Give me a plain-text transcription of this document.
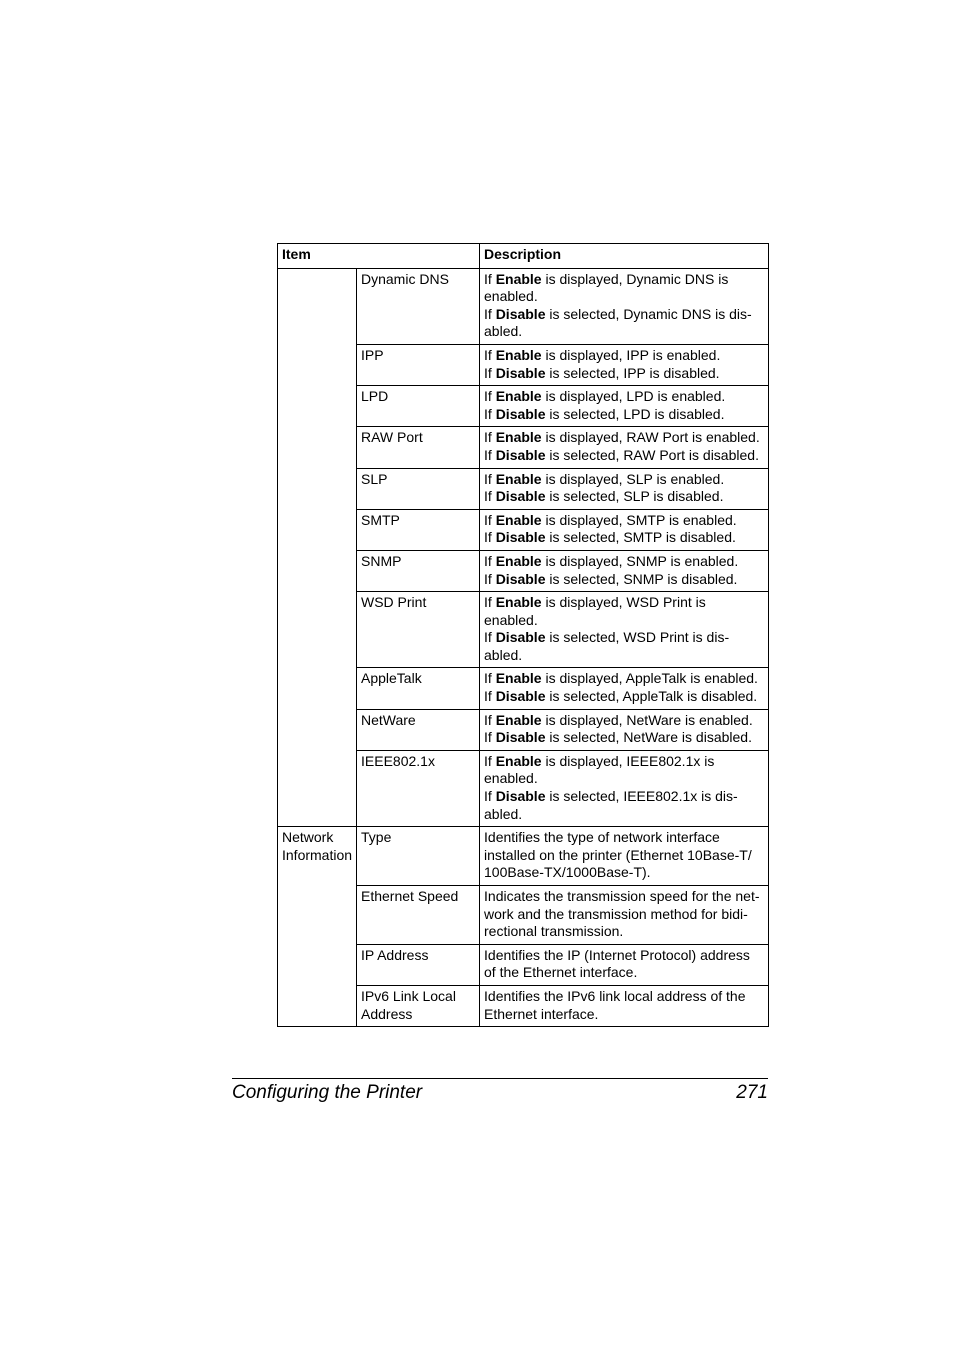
Item		Description

	Dynamic DNS	If Enable is displayed, Dynamic DNS is
enabled.
If Disable is selected, Dynamic DNS is dis-
abled.

	IPP	If Enable is displayed, IPP is enabled.
If Disable is selected, IPP is disabled.

	LPD	If Enable is displayed, LPD is enabled.
If Disable is selected, LPD is disabled.

	RAW Port	If Enable is displayed, RAW Port is enabled.
If Disable is selected, RAW Port is disabled.

	SLP	If Enable is displayed, SLP is enabled.
If Disable is selected, SLP is disabled.

	SMTP	If Enable is displayed, SMTP is enabled.
If Disable is selected, SMTP is disabled.

	SNMP	If Enable is displayed, SNMP is enabled.
If Disable is selected, SNMP is disabled.

	WSD Print	If Enable is displayed, WSD Print is
enabled.
If Disable is selected, WSD Print is dis-
abled.

	AppleTalk	If Enable is displayed, AppleTalk is enabled.
If Disable is selected, AppleTalk is disabled.

	NetWare	If Enable is displayed, NetWare is enabled.
If Disable is selected, NetWare is disabled.

	IEEE802.1x	If Enable is displayed, IEEE802.1x is
enabled.
If Disable is selected, IEEE802.1x is dis-
abled.

Network
Information	Type	Identifies the type of network interface
installed on the printer (Ethernet 10Base-T/
100Base-TX/1000Base-T).

	Ethernet Speed	Indicates the transmission speed for the net-
work and the transmission method for bidi-
rectional transmission.

	IP Address	Identifies the IP (Internet Protocol) address
of the Ethernet interface.

	IPv6 Link Local
Address	Identifies the IPv6 link local address of the
Ethernet interface.
Configuring the Printer	271
